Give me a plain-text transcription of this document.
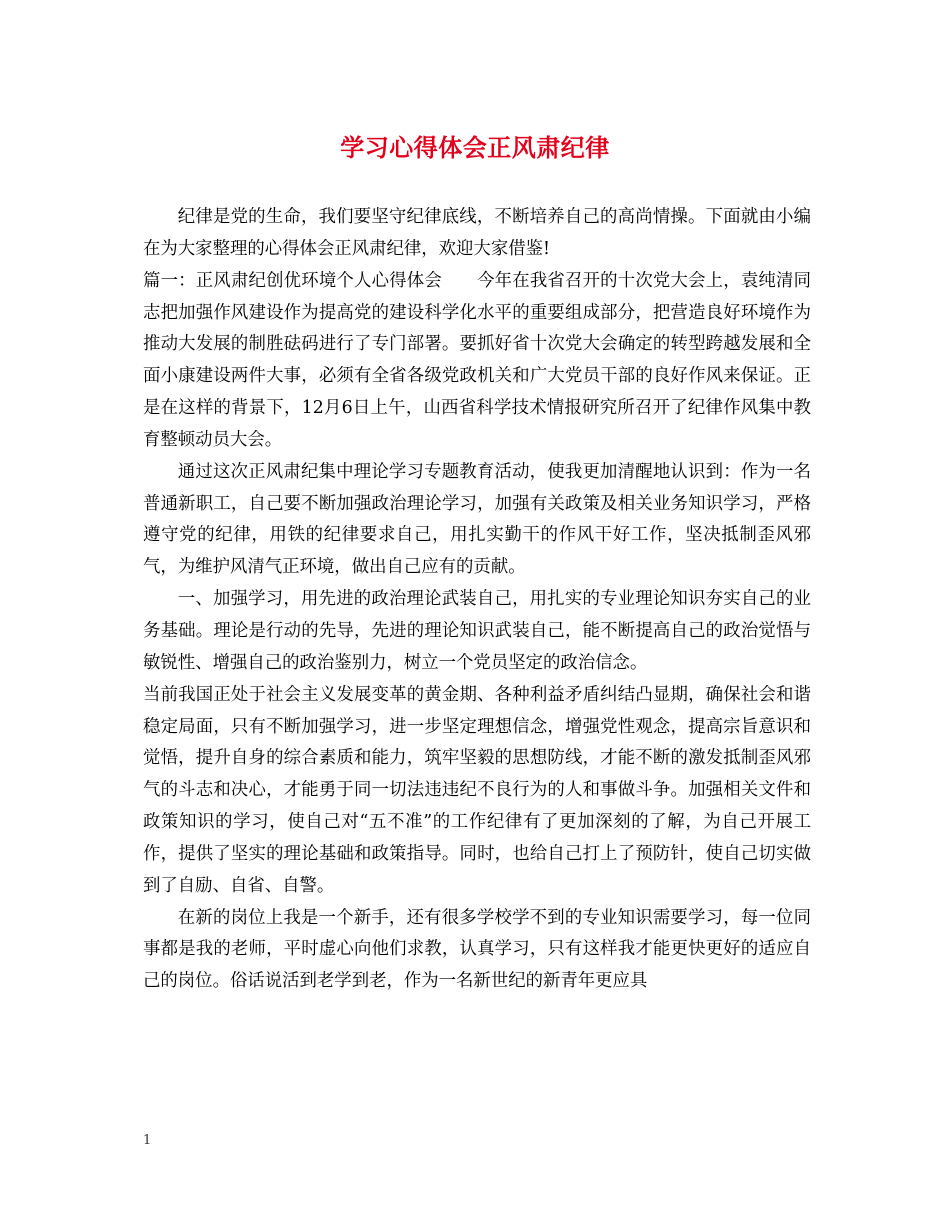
学习心得体会正风肃纪律

纪律是党的生命，我们要坚守纪律底线，不断培养自己的高尚情操。下面就由小编在为大家整理的心得体会正风肃纪律，欢迎大家借鉴!

篇一：正风肃纪创优环境个人心得体会　　今年在我省召开的十次党大会上，袁纯清同志把加强作风建设作为提高党的建设科学化水平的重要组成部分，把营造良好环境作为推动大发展的制胜砝码进行了专门部署。要抓好省十次党大会确定的转型跨越发展和全面小康建设两件大事，必须有全省各级党政机关和广大党员干部的良好作风来保证。正是在这样的背景下，12月6日上午，山西省科学技术情报研究所召开了纪律作风集中教育整顿动员大会。

通过这次正风肃纪集中理论学习专题教育活动，使我更加清醒地认识到：作为一名普通新职工，自己要不断加强政治理论学习，加强有关政策及相关业务知识学习，严格遵守党的纪律，用铁的纪律要求自己，用扎实勤干的作风干好工作，坚决抵制歪风邪气，为维护风清气正环境，做出自己应有的贡献。

一、加强学习，用先进的政治理论武装自己，用扎实的专业理论知识夯实自己的业务基础。理论是行动的先导，先进的理论知识武装自己，能不断提高自己的政治觉悟与敏锐性、增强自己的政治鉴别力，树立一个党员坚定的政治信念。

当前我国正处于社会主义发展变革的黄金期、各种利益矛盾纠结凸显期，确保社会和谐稳定局面，只有不断加强学习，进一步坚定理想信念，增强党性观念，提高宗旨意识和觉悟，提升自身的综合素质和能力，筑牢坚毅的思想防线，才能不断的激发抵制歪风邪气的斗志和决心，才能勇于同一切法违违纪不良行为的人和事做斗争。加强相关文件和政策知识的学习，使自己对“五不准”的工作纪律有了更加深刻的了解，为自己开展工作，提供了坚实的理论基础和政策指导。同时，也给自己打上了预防针，使自己切实做到了自励、自省、自警。

在新的岗位上我是一个新手，还有很多学校学不到的专业知识需要学习，每一位同事都是我的老师，平时虚心向他们求教，认真学习，只有这样我才能更快更好的适应自己的岗位。俗话说活到老学到老，作为一名新世纪的新青年更应具

1
